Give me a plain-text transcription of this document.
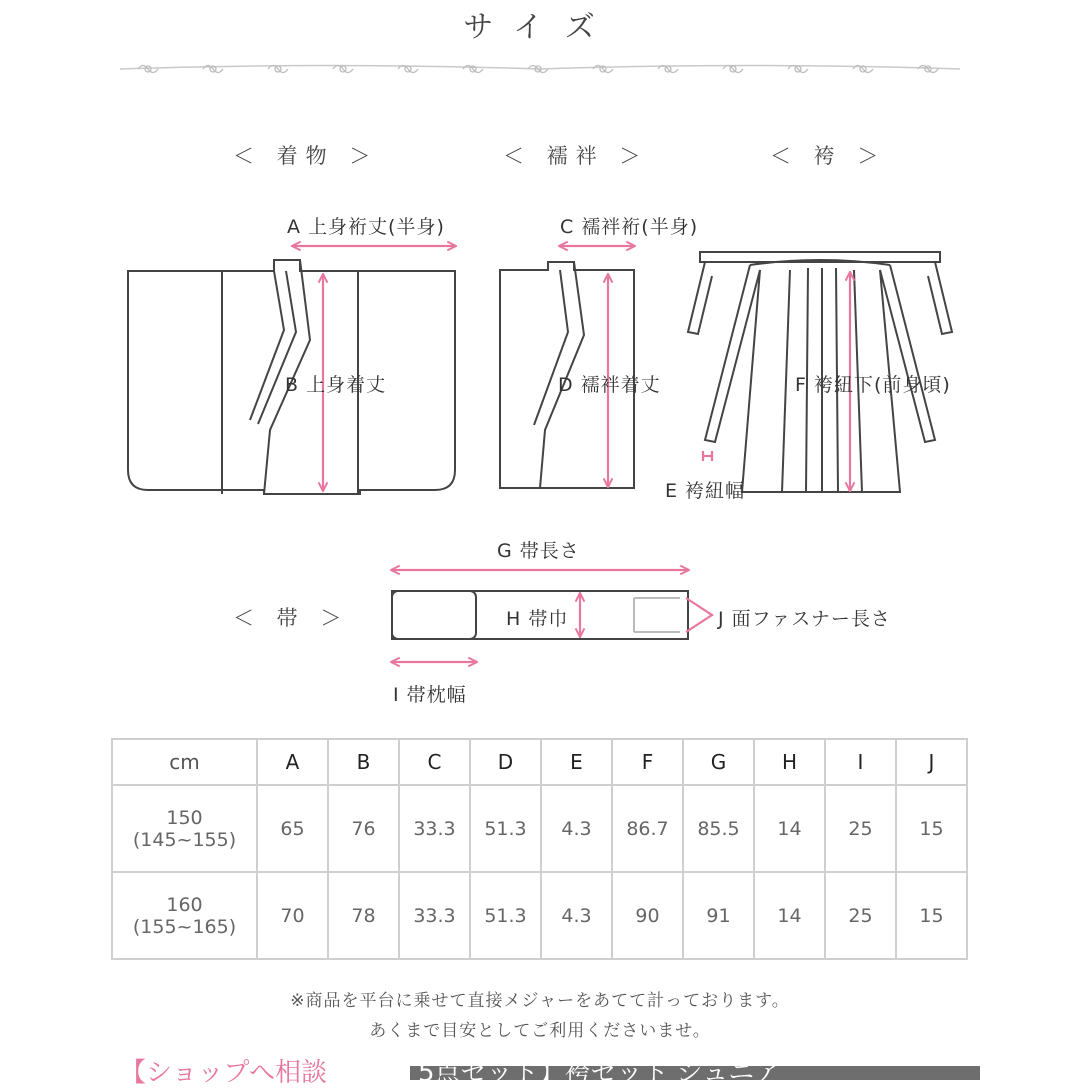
サイズ
＜ 着物 ＞	＜ 襦袢 ＞	＜ 袴 ＞
＜ 帯 ＞
A 上身裄丈(半身)
B 上身着丈
C 襦袢裄(半身)
D 襦袢着丈
E 袴紐幅
F 袴紐下(前身頃)
G 帯長さ
H 帯巾
I 帯枕幅
J 面ファスナー長さ
cm	A	B	C	D	E	F	G	H	I	J

150
(145~155)	65	76	33.3	51.3	4.3	86.7	85.5	14	25	15

160
(155~165)	70	78	33.3	51.3	4.3	90	91	14	25	15
※商品を平台に乗せて直接メジャーをあてて計っております。
あくまで目安としてご利用くださいませ。
【ショップへ相談	5点セット】袴セット ジュニア
